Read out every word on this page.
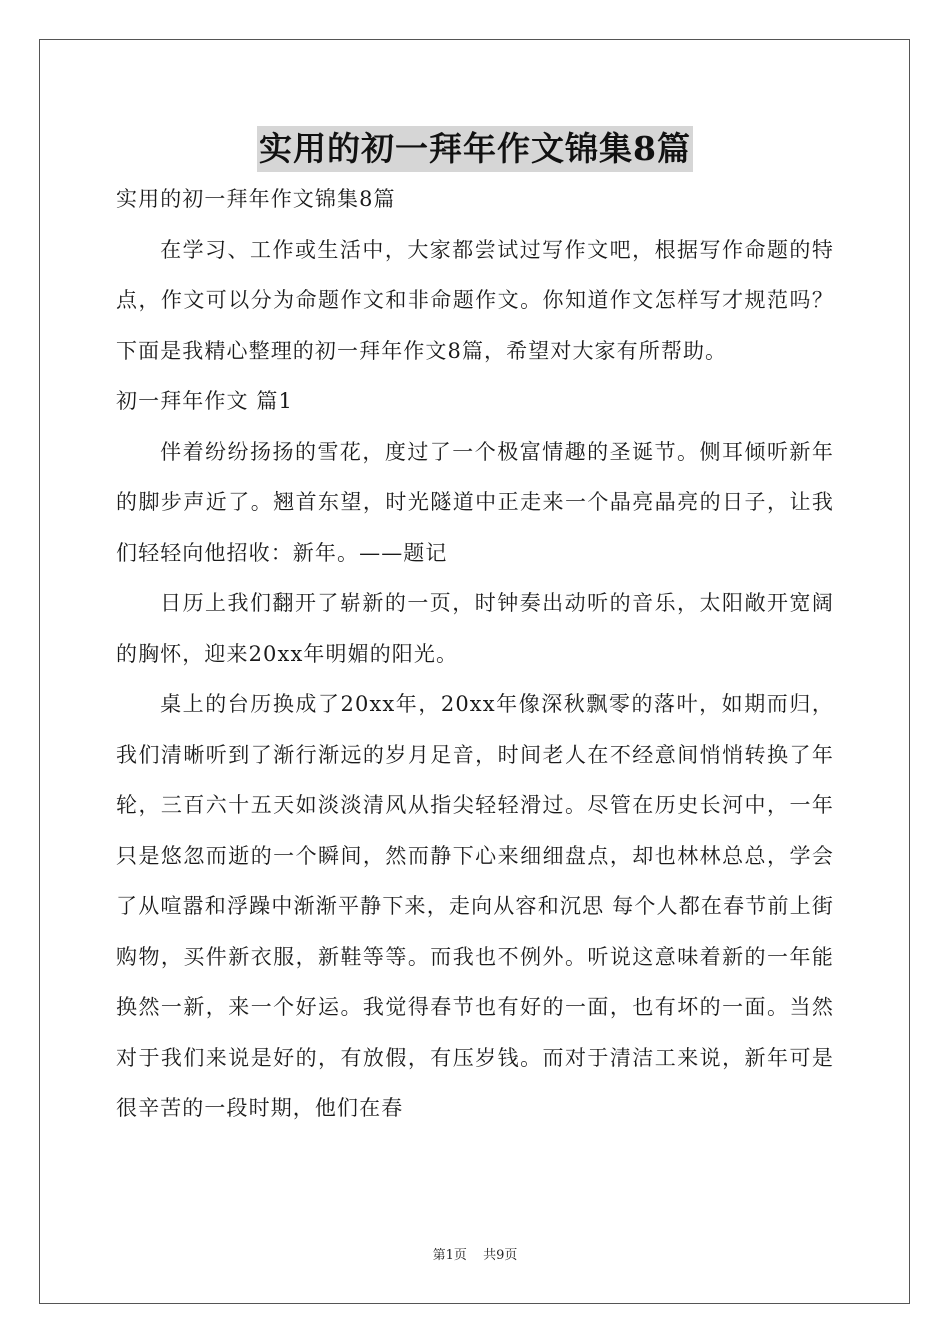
实用的初一拜年作文锦集8篇

实用的初一拜年作文锦集8篇

在学习、工作或生活中，大家都尝试过写作文吧，根据写作命题的特点，作文可以分为命题作文和非命题作文。你知道作文怎样写才规范吗？下面是我精心整理的初一拜年作文8篇，希望对大家有所帮助。

初一拜年作文 篇1

伴着纷纷扬扬的雪花，度过了一个极富情趣的圣诞节。侧耳倾听新年的脚步声近了。翘首东望，时光隧道中正走来一个晶亮晶亮的日子，让我们轻轻向他招收：新年。——题记

日历上我们翻开了崭新的一页，时钟奏出动听的音乐，太阳敞开宽阔的胸怀，迎来20xx年明媚的阳光。

桌上的台历换成了20xx年，20xx年像深秋飘零的落叶，如期而归，我们清晰听到了渐行渐远的岁月足音，时间老人在不经意间悄悄转换了年轮，三百六十五天如淡淡清风从指尖轻轻滑过。尽管在历史长河中，一年只是悠忽而逝的一个瞬间，然而静下心来细细盘点，却也林林总总，学会了从喧嚣和浮躁中渐渐平静下来，走向从容和沉思 每个人都在春节前上街购物，买件新衣服，新鞋等等。而我也不例外。听说这意味着新的一年能换然一新，来一个好运。我觉得春节也有好的一面，也有坏的一面。当然对于我们来说是好的，有放假，有压岁钱。而对于清洁工来说，新年可是很辛苦的一段时期，他们在春

第1页 共9页
